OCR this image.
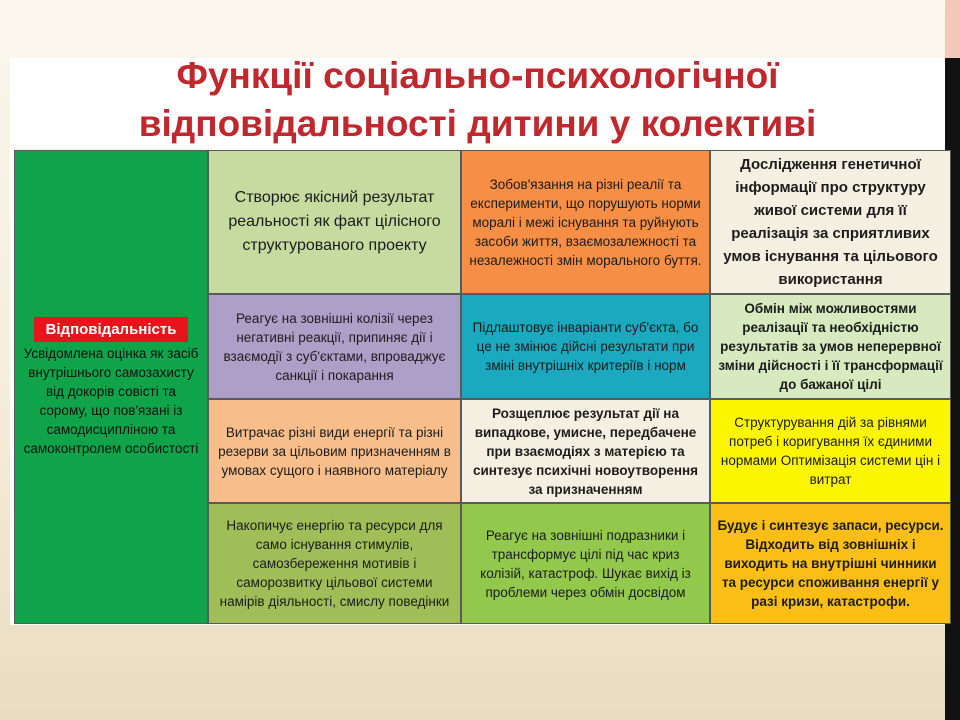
Функції соціально-психологічної
відповідальності дитини у колективі
Відповідальність
Усвідомлена оцінка як засіб внутрішнього самозахисту від докорів совісті та сорому, що пов'язані із самодисципліною та самоконтролем особистості
Створює якісний результат реальності як факт цілісного структурованого проекту
Зобов'язання на різні реалії та експерименти, що порушують норми моралі і межі існування та руйнують засоби життя, взаємозалежності та незалежності змін морального буття.
Дослідження генетичної інформації про структуру живої системи для її реалізація за сприятливих умов існування та цільового використання
Реагує на зовнішні колізії через негативні реакції, припиняє дії і взаємодії з суб'єктами, впроваджує санкції і покарання
Підлаштовує інваріанти суб'єкта, бо це не змінює дійсні результати при зміні внутрішніх критеріїв і норм
Обмін між можливостями реалізації та необхідністю результатів за умов неперервної зміни дійсності і її трансформації до бажаної цілі
Витрачає різні види енергії та різні резерви за цільовим призначенням в умовах сущого і наявного матеріалу
Розщеплює результат дії на випадкове, умисне, передбачене при взаємодіях з матерією та синтезує психічні новоутворення за призначенням
Структурування дій за рівнями потреб і коригування їх єдиними нормами Оптимізація системи цін і витрат
Накопичує енергію та ресурси для само існування стимулів, самозбереження мотивів і саморозвитку цільової системи намірів діяльності, смислу поведінки
Реагує на зовнішні подразники і трансформує цілі під час криз колізій, катастроф. Шукає вихід із проблеми через обмін досвідом
Будує і синтезує запаси, ресурси. Відходить від зовнішніх і виходить на внутрішні чинники та ресурси споживання енергії у разі кризи, катастрофи.
